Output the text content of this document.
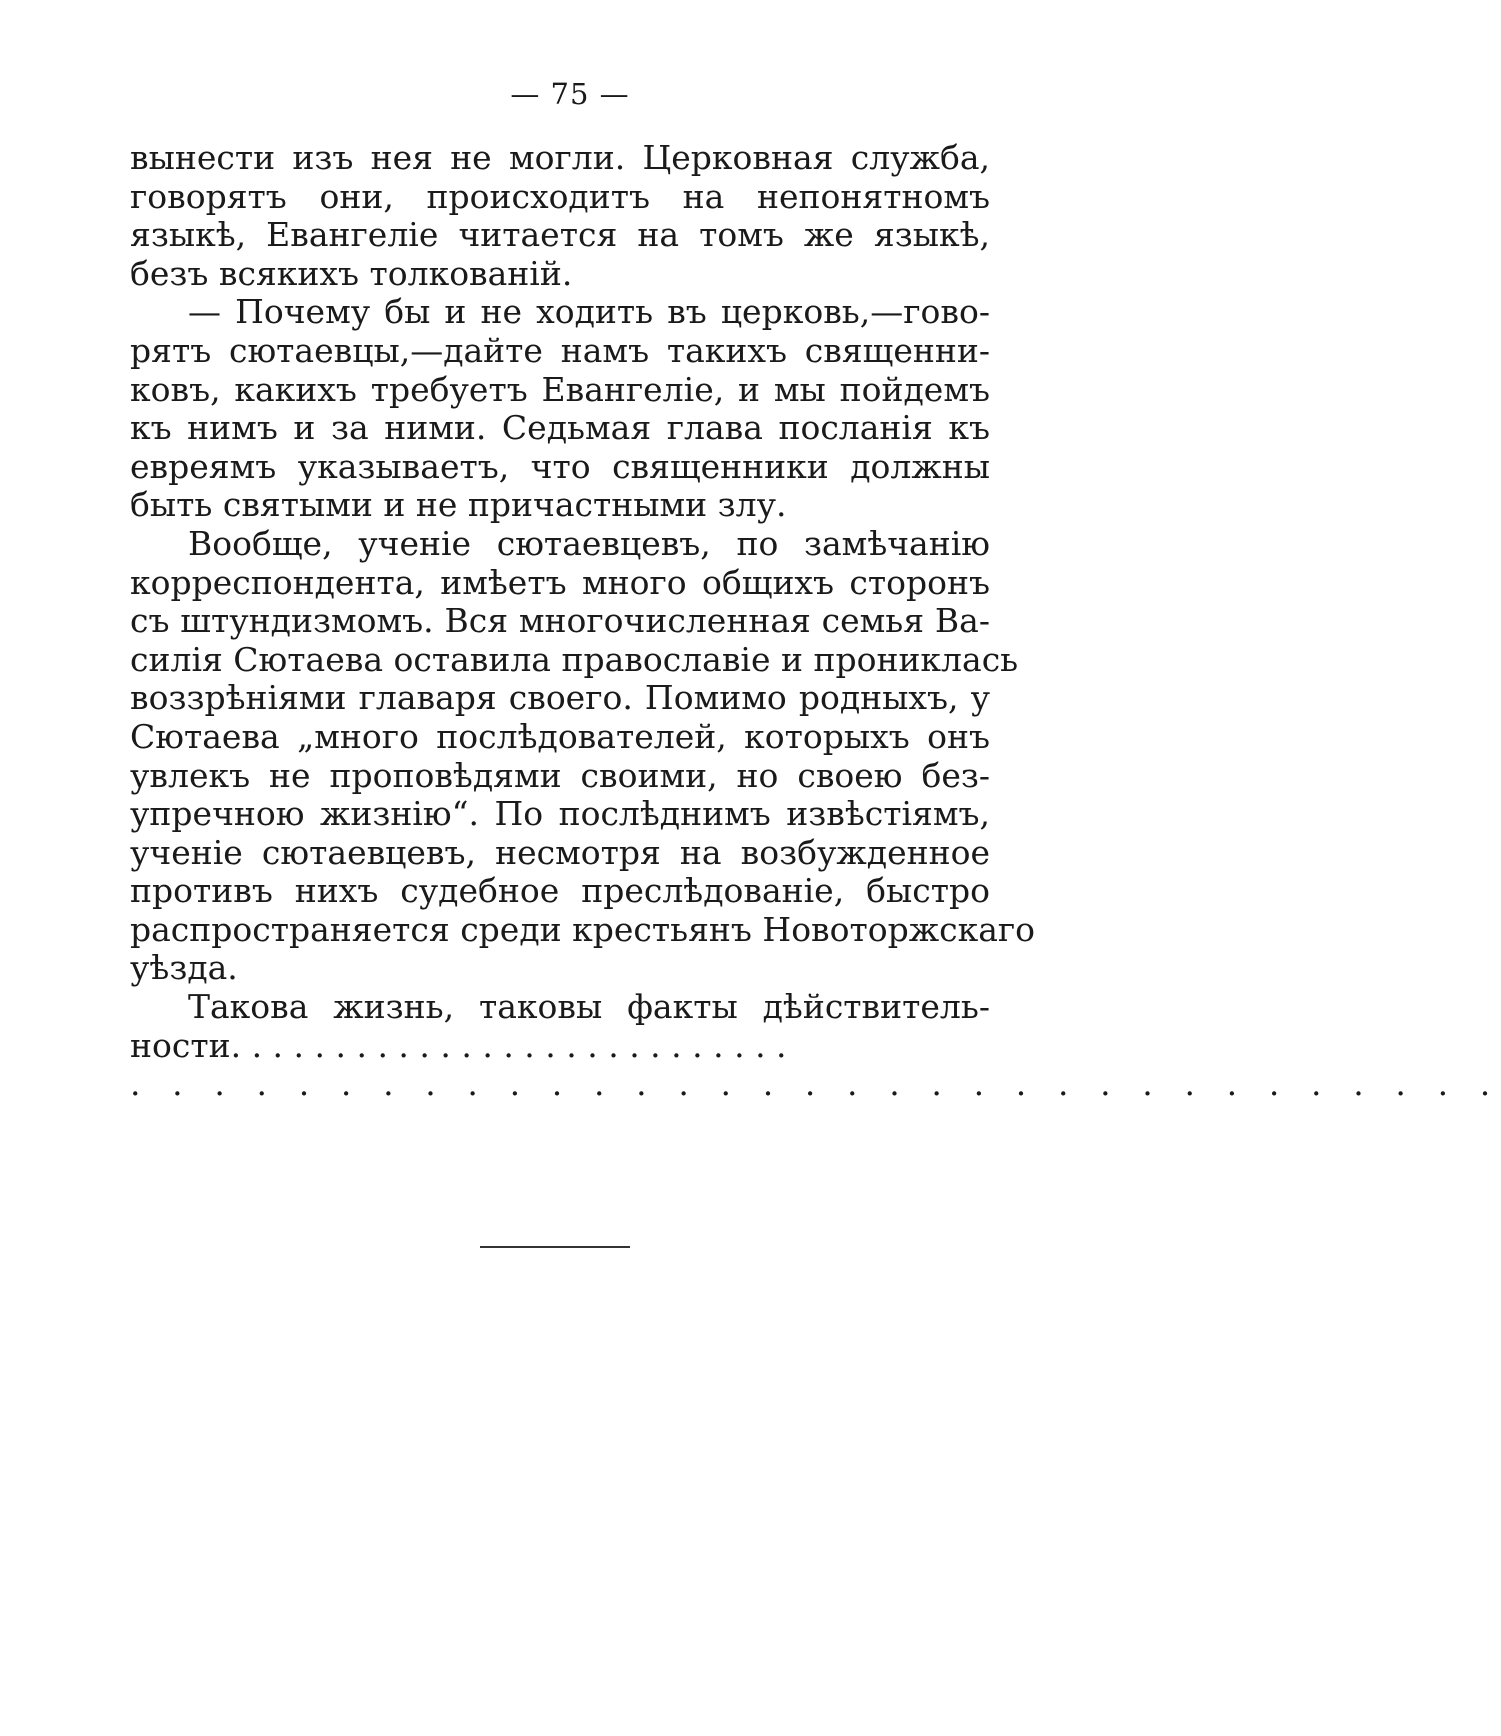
— 75 —
вынести изъ нея не могли. Церковная служба,
говорятъ они, происходитъ на непонятномъ
языкѣ, Евангеліе читается на томъ же языкѣ,
безъ всякихъ толкованій.
— Почему бы и не ходить въ церковь,—гово-
рятъ сютаевцы,—дайте намъ такихъ священни-
ковъ, какихъ требуетъ Евангеліе, и мы пойдемъ
къ нимъ и за ними. Седьмая глава посланія къ
евреямъ указываетъ, что священники должны
быть святыми и не причастными злу.
Вообще, ученіе сютаевцевъ, по замѣчанію
корреспондента, имѣетъ много общихъ сторонъ
съ штундизмомъ. Вся многочисленная семья Ва-
силія Сютаева оставила православіе и прониклась
воззрѣніями главаря своего. Помимо родныхъ, у
Сютаева „много послѣдователей, которыхъ онъ
увлекъ не проповѣдями своими, но своею без-
упречною жизнію“. По послѣднимъ извѣстіямъ,
ученіе сютаевцевъ, несмотря на возбужденное
противъ нихъ судебное преслѣдованіе, быстро
распространяется среди крестьянъ Новоторжскаго
уѣзда.
Такова жизнь, таковы факты дѣйствитель-
ности. . . . . . . . . . . . . . . . . . . . . . . . . . .
. . . . . . . . . . . . . . . . . . . . . . . . . . . . . . . . .
